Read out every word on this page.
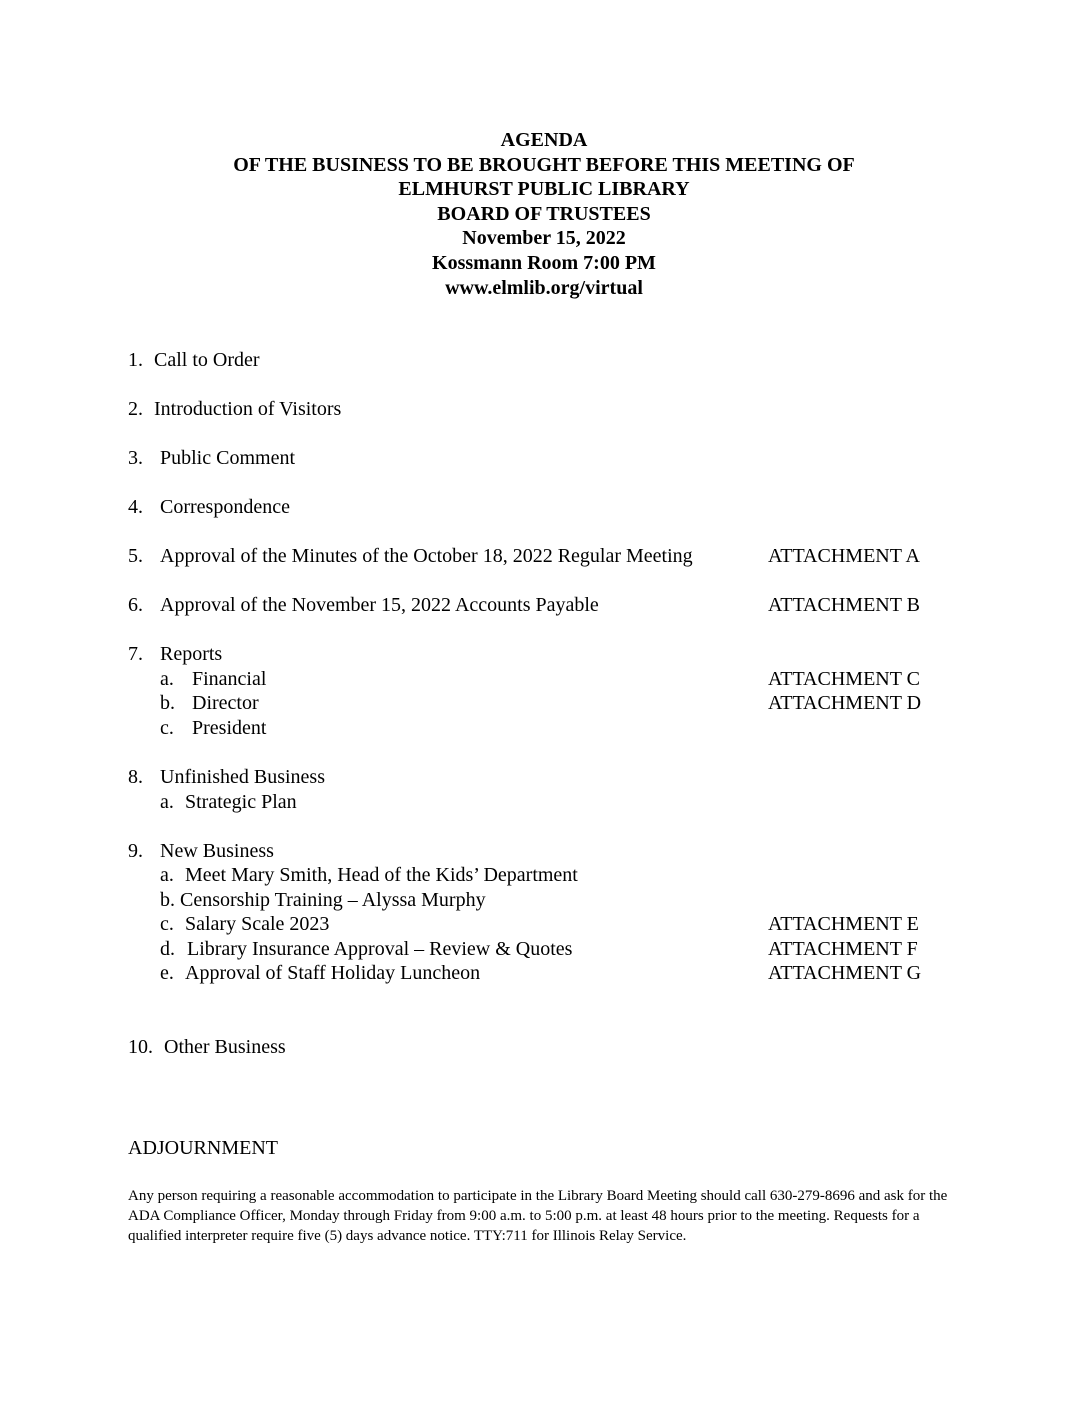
AGENDA
OF THE BUSINESS TO BE BROUGHT BEFORE THIS MEETING OF
ELMHURST PUBLIC LIBRARY
BOARD OF TRUSTEES
November 15, 2022
Kossmann Room 7:00 PM
www.elmlib.org/virtual
1. Call to Order
2. Introduction of Visitors
3. Public Comment
4. Correspondence
5. Approval of the Minutes of the October 18, 2022 Regular Meeting	ATTACHMENT A
6. Approval of the November 15, 2022 Accounts Payable	ATTACHMENT B
7. Reports
a. Financial	ATTACHMENT C
b. Director	ATTACHMENT D
c. President
8. Unfinished Business
a. Strategic Plan
9. New Business
a. Meet Mary Smith, Head of the Kids’ Department
b. Censorship Training – Alyssa Murphy
c. Salary Scale 2023	ATTACHMENT E
d. Library Insurance Approval – Review & Quotes	ATTACHMENT F
e. Approval of Staff Holiday Luncheon	ATTACHMENT G
10. Other Business
ADJOURNMENT
Any person requiring a reasonable accommodation to participate in the Library Board Meeting should call 630-279-8696 and ask for the ADA Compliance Officer, Monday through Friday from 9:00 a.m. to 5:00 p.m. at least 48 hours prior to the meeting. Requests for a qualified interpreter require five (5) days advance notice. TTY:711 for Illinois Relay Service.
